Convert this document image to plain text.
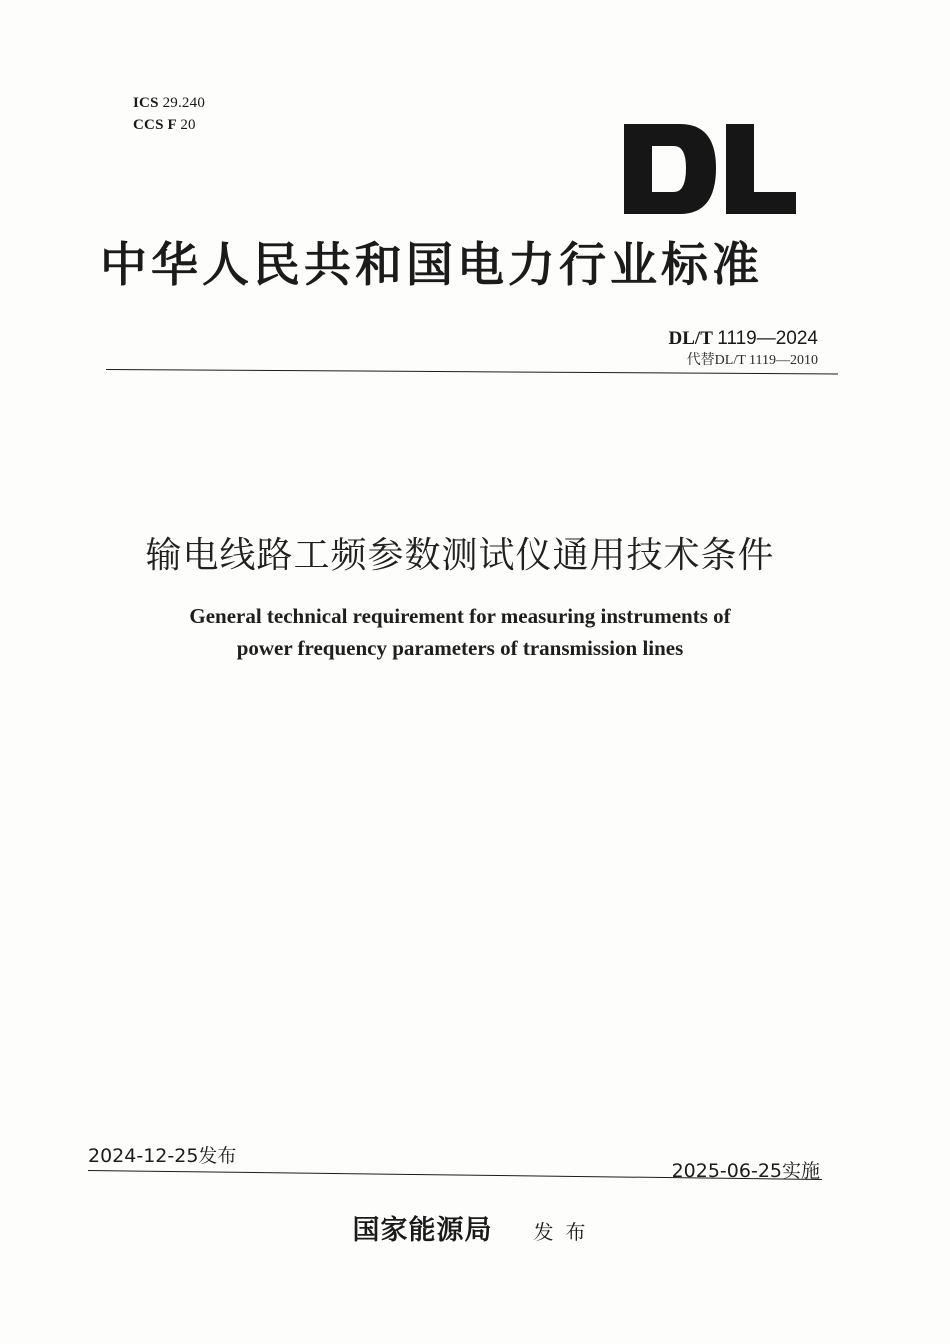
ICS 29.240
CCS F 20
中华人民共和国电力行业标准
DL/T 1119—2024
代替DL/T 1119—2010
输电线路工频参数测试仪通用技术条件
General technical requirement for measuring instruments of
power frequency parameters of transmission lines
2024-12-25发布
2025-06-25实施
国家能源局 发布
